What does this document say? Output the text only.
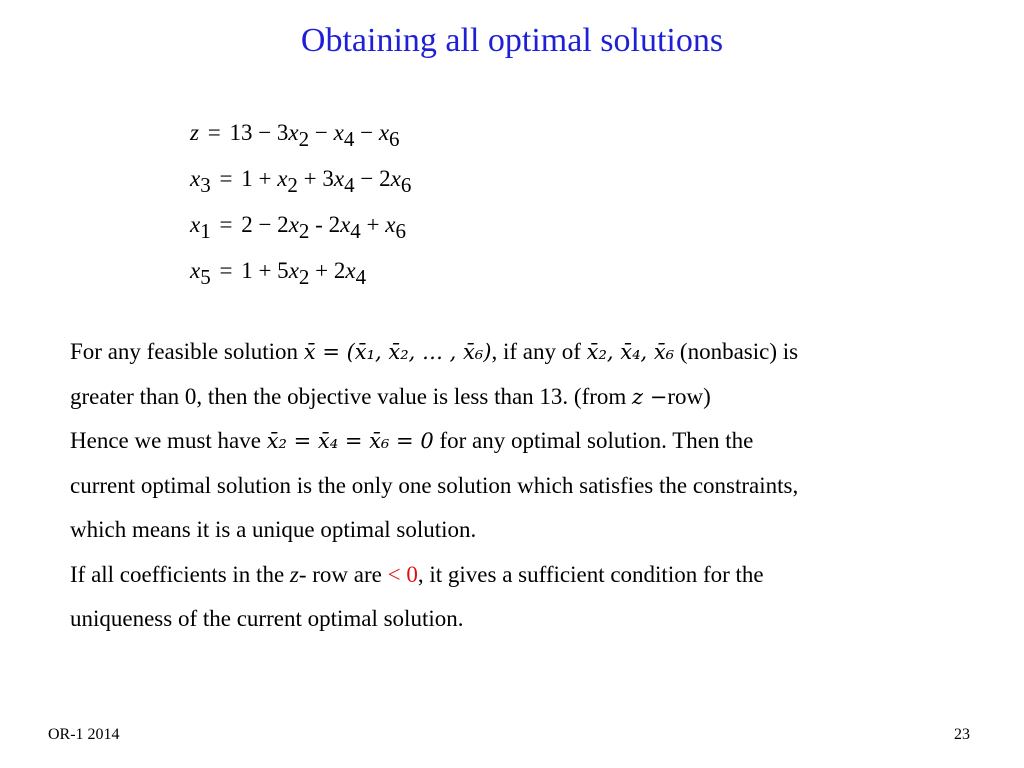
Obtaining all optimal solutions
$z = 13 - 3x_2 - x_4 - x_6$
$x_3 = 1 + x_2 + 3x_4 - 2x_6$
$x_1 = 2 - 2x_2 - 2x_4 + x_6$
$x_5 = 1 + 5x_2 + 2x_4$
For any feasible solution x̄ = (x̄₁, x̄₂, … , x̄₆), if any of x̄₂, x̄₄, x̄₆ (nonbasic) is
greater than 0, then the objective value is less than 13. (from z −row)
Hence we must have x̄₂ = x̄₄ = x̄₆ = 0 for any optimal solution. Then the
current optimal solution is the only one solution which satisfies the constraints,
which means it is a unique optimal solution.
If all coefficients in the z- row are < 0, it gives a sufficient condition for the
uniqueness of the current optimal solution.
OR-1 2014	23
